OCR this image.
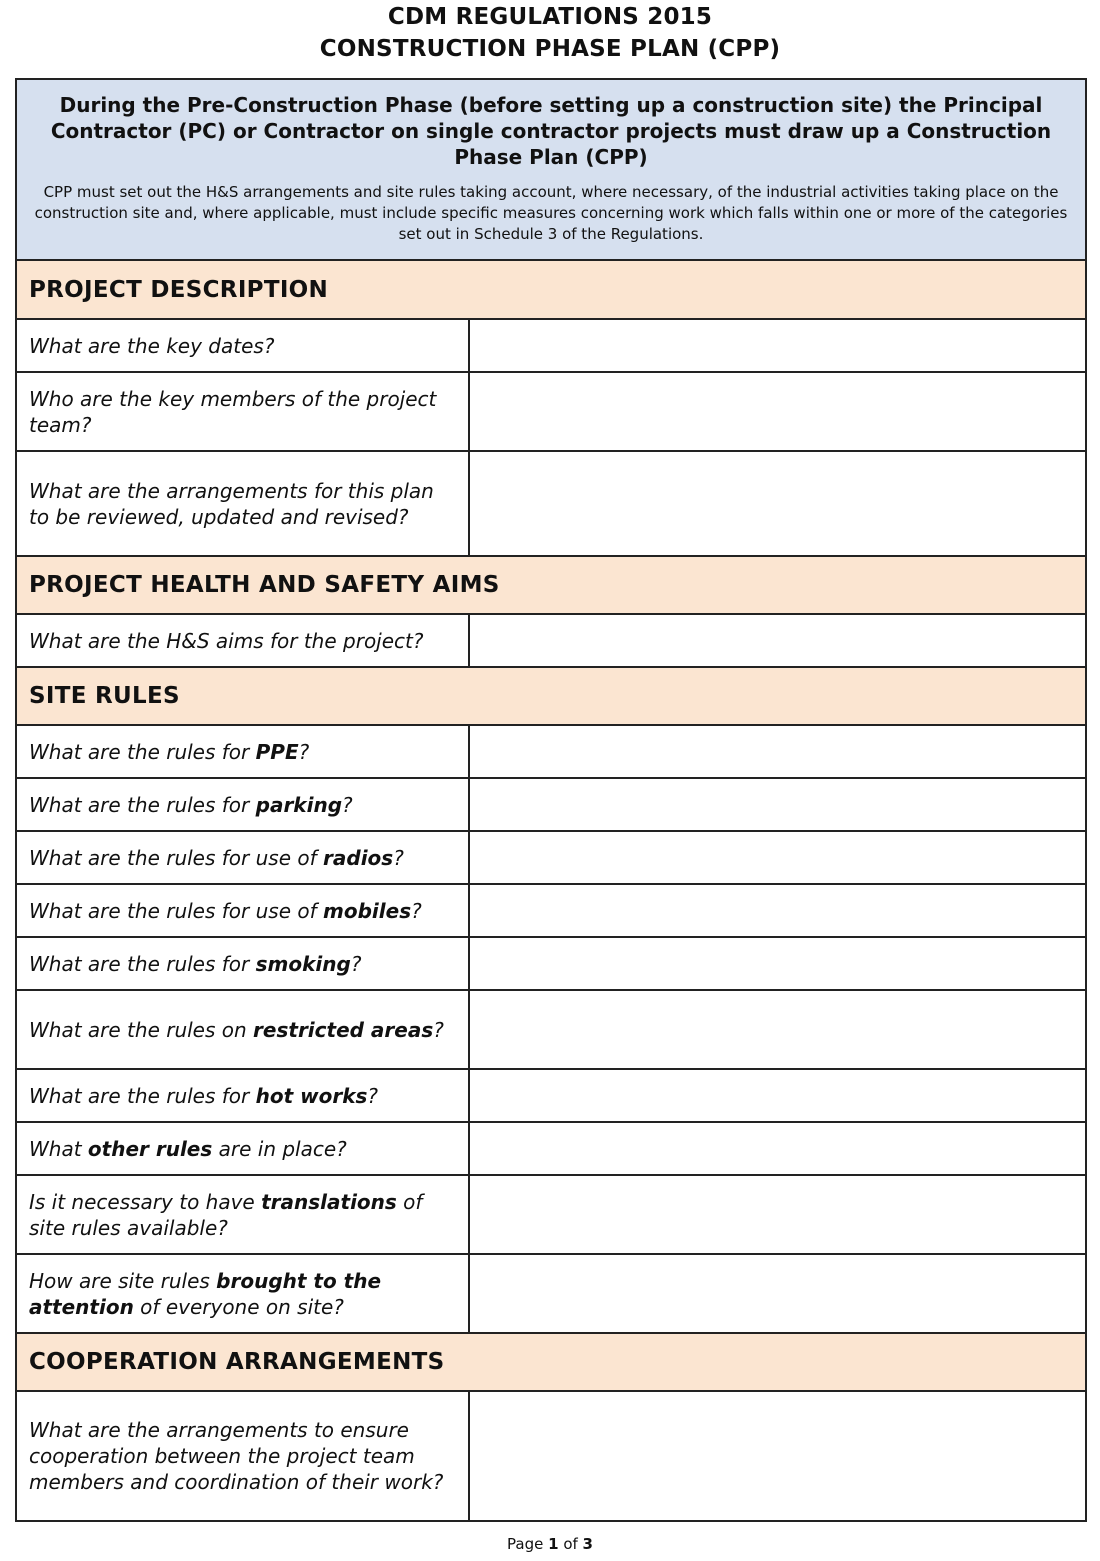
CDM REGULATIONS 2015
CONSTRUCTION PHASE PLAN (CPP)
During the Pre-Construction Phase (before setting up a construction site) the Principal Contractor (PC) or Contractor on single contractor projects must draw up a Construction Phase Plan (CPP)
CPP must set out the H&S arrangements and site rules taking account, where necessary, of the industrial activities taking place on the construction site and, where applicable, must include specific measures concerning work which falls within one or more of the categories set out in Schedule 3 of the Regulations.
PROJECT DESCRIPTION
What are the key dates?
Who are the key members of the project team?
What are the arrangements for this plan to be reviewed, updated and revised?
PROJECT HEALTH AND SAFETY AIMS
What are the H&S aims for the project?
SITE RULES
What are the rules for PPE?
What are the rules for parking?
What are the rules for use of radios?
What are the rules for use of mobiles?
What are the rules for smoking?
What are the rules on restricted areas?
What are the rules for hot works?
What other rules are in place?
Is it necessary to have translations of site rules available?
How are site rules brought to the attention of everyone on site?
COOPERATION ARRANGEMENTS
What are the arrangements to ensure cooperation between the project team members and coordination of their work?
Page 1 of 3
